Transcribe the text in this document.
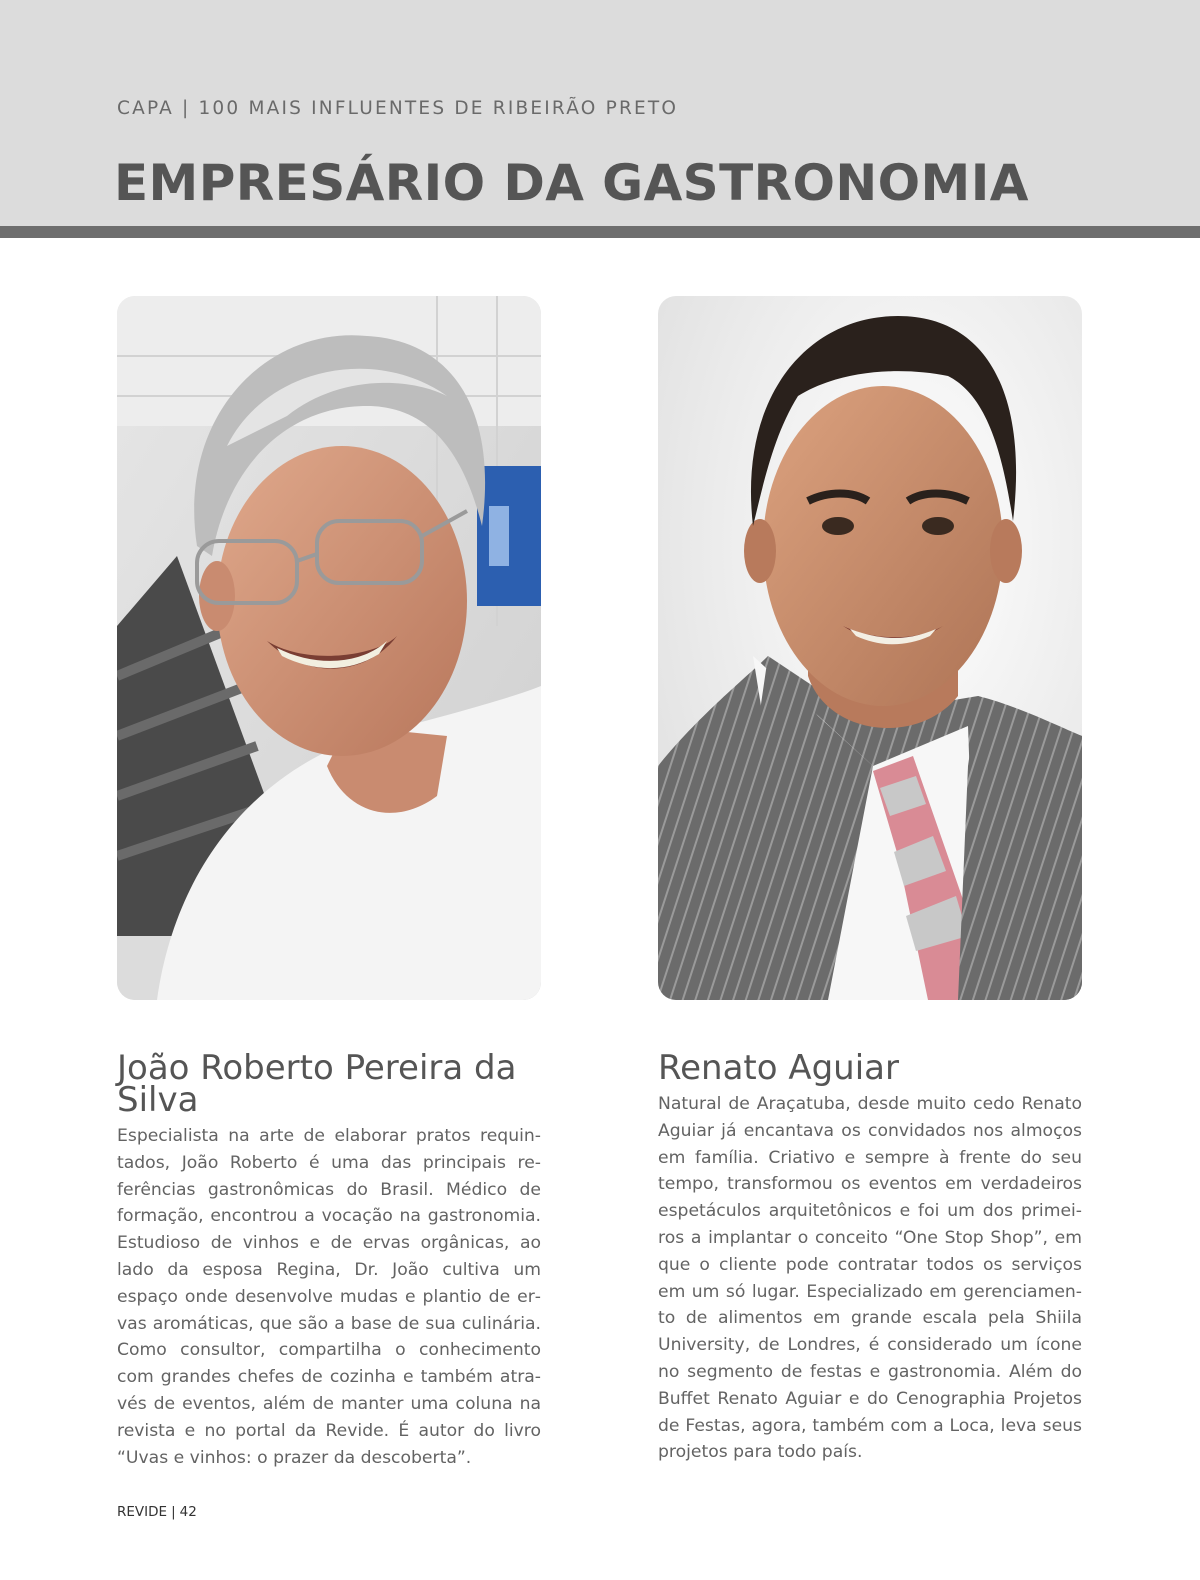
CAPA | 100 MAIS INFLUENTES DE RIBEIRÃO PRETO
EMPRESÁRIO DA GASTRONOMIA
João Roberto Pereira da Silva

Especialista na arte de elaborar pratos requintados, João Roberto é uma das principais referências gastronômicas do Brasil. Médico de formação, encontrou a vocação na gastronomia. Estudioso de vinhos e de ervas orgânicas, ao lado da esposa Regina, Dr. João cultiva um espaço onde desenvolve mudas e plantio de ervas aromáticas, que são a base de sua culinária. Como consultor, compartilha o conhecimento com grandes chefes de cozinha e também através de eventos, além de manter uma coluna na revista e no portal da Revide. É autor do livro “Uvas e vinhos: o prazer da descoberta”.

Renato Aguiar

Natural de Araçatuba, desde muito cedo Renato Aguiar já encantava os convidados nos almoços em família. Criativo e sempre à frente do seu tempo, transformou os eventos em verdadeiros espetáculos arquitetônicos e foi um dos primeiros a implantar o conceito “One Stop Shop”, em que o cliente pode contratar todos os serviços em um só lugar. Especializado em gerenciamento de alimentos em grande escala pela Shiila University, de Londres, é considerado um ícone no segmento de festas e gastronomia. Além do Buffet Renato Aguiar e do Cenographia Projetos de Festas, agora, também com a Loca, leva seus projetos para todo país.

REVIDE | 42
